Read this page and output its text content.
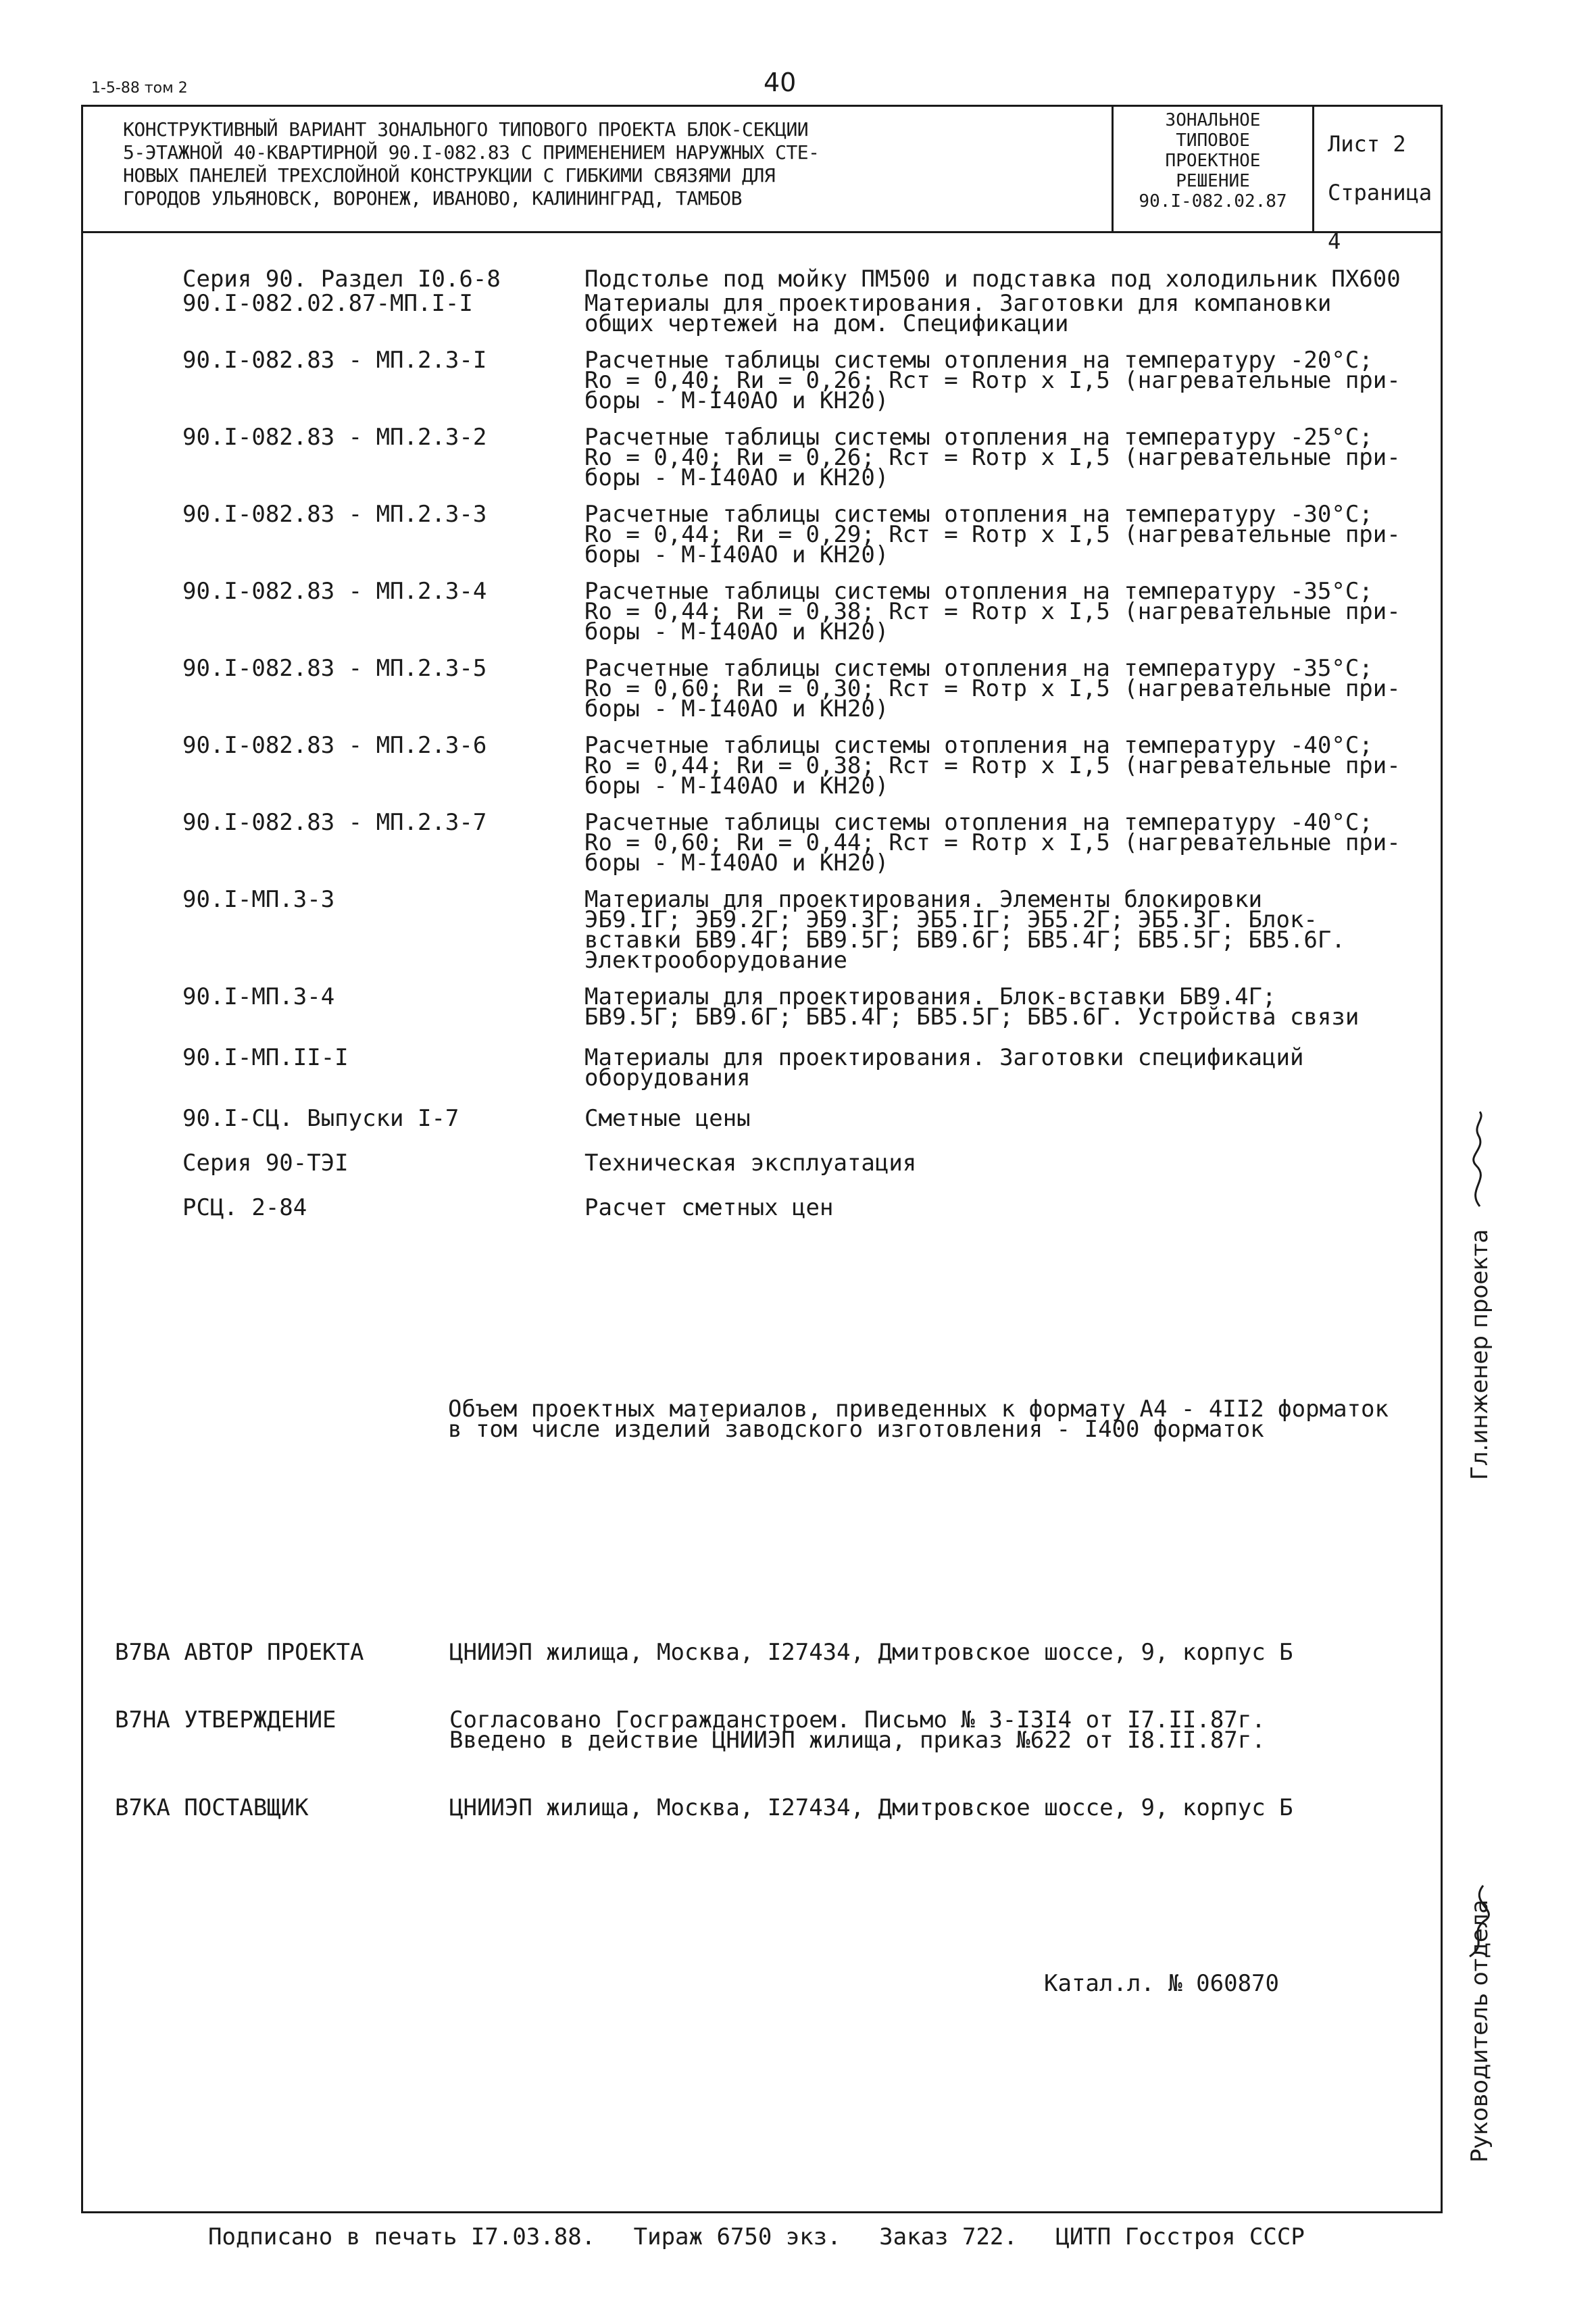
1-5-88 том 2	40
КОНСТРУКТИВНЫЙ ВАРИАНТ ЗОНАЛЬНОГО ТИПОВОГО ПРОЕКТА БЛОК-СЕКЦИИ
5-ЭТАЖНОЙ 40-КВАРТИРНОЙ 90.I-082.83 С ПРИМЕНЕНИЕМ НАРУЖНЫХ СТЕ-
НОВЫХ ПАНЕЛЕЙ ТРЕХСЛОЙНОЙ КОНСТРУКЦИИ С ГИБКИМИ СВЯЗЯМИ ДЛЯ
ГОРОДОВ УЛЬЯНОВСК, ВОРОНЕЖ, ИВАНОВО, КАЛИНИНГРАД, ТАМБОВ
ЗОНАЛЬНОЕ
ТИПОВОЕ
ПРОЕКТНОЕ
РЕШЕНИЕ
90.I-082.02.87
Лист 2
Страница 4
Серия 90. Раздел I0.6-8	Подстолье под мойку ПМ500 и подставка под холодильник ПХ600
90.I-082.02.87-МП.I-I	Материалы для проектирования. Заготовки для компановки
общих чертежей на дом. Спецификации
90.I-082.83 - МП.2.3-I	Расчетные таблицы системы отопления на температуру -20°С;
Ro = 0,40; Rи = 0,26; Rст = Roтр x I,5 (нагревательные при-
боры - М-I40АО и КН20)
90.I-082.83 - МП.2.3-2	Расчетные таблицы системы отопления на температуру -25°С;
Ro = 0,40; Rи = 0,26; Rст = Roтр x I,5 (нагревательные при-
боры - М-I40АО и КН20)
90.I-082.83 - МП.2.3-3	Расчетные таблицы системы отопления на температуру -30°С;
Ro = 0,44; Rи = 0,29; Rст = Roтр x I,5 (нагревательные при-
боры - М-I40АО и КН20)
90.I-082.83 - МП.2.3-4	Расчетные таблицы системы отопления на температуру -35°С;
Ro = 0,44; Rи = 0,38; Rст = Roтр x I,5 (нагревательные при-
боры - М-I40АО и КН20)
90.I-082.83 - МП.2.3-5	Расчетные таблицы системы отопления на температуру -35°С;
Ro = 0,60; Rи = 0,30; Rст = Roтр x I,5 (нагревательные при-
боры - М-I40АО и КН20)
90.I-082.83 - МП.2.3-6	Расчетные таблицы системы отопления на температуру -40°С;
Ro = 0,44; Rи = 0,38; Rст = Roтр x I,5 (нагревательные при-
боры - М-I40АО и КН20)
90.I-082.83 - МП.2.3-7	Расчетные таблицы системы отопления на температуру -40°С;
Ro = 0,60; Rи = 0,44; Rст = Roтр x I,5 (нагревательные при-
боры - М-I40АО и КН20)
90.I-МП.3-3	Материалы для проектирования. Элементы блокировки
ЭБ9.IГ; ЭБ9.2Г; ЭБ9.3Г; ЭБ5.IГ; ЭБ5.2Г; ЭБ5.3Г. Блок-
вставки БВ9.4Г; БВ9.5Г; БВ9.6Г; БВ5.4Г; БВ5.5Г; БВ5.6Г.
Электрооборудование
90.I-МП.3-4	Материалы для проектирования. Блок-вставки БВ9.4Г;
БВ9.5Г; БВ9.6Г; БВ5.4Г; БВ5.5Г; БВ5.6Г. Устройства связи
90.I-МП.II-I	Материалы для проектирования. Заготовки спецификаций
оборудования
90.I-СЦ. Выпуски I-7	Сметные цены
Серия 90-ТЭI	Техническая эксплуатация
РСЦ. 2-84	Расчет сметных цен
Объем проектных материалов, приведенных к формату А4 - 4II2 форматок
в том числе изделий заводского изготовления - I400 форматок
В7ВА АВТОР ПРОЕКТА	ЦНИИЭП жилища, Москва, I27434, Дмитровское шоссе, 9, корпус Б
В7НА УТВЕРЖДЕНИЕ	Согласовано Госгражданстроем. Письмо № 3-I3I4 от I7.II.87г.
Введено в действие ЦНИИЭП жилища, приказ №622 от I8.II.87г.
В7КА ПОСТАВЩИК	ЦНИИЭП жилища, Москва, I27434, Дмитровское шоссе, 9, корпус Б
Катал.л. № 060870
Гл.инженер проекта
Руководитель отдела
Подписано в печать I7.03.88. Тираж 6750 экз. Заказ 722. ЦИТП Госстроя СССР
